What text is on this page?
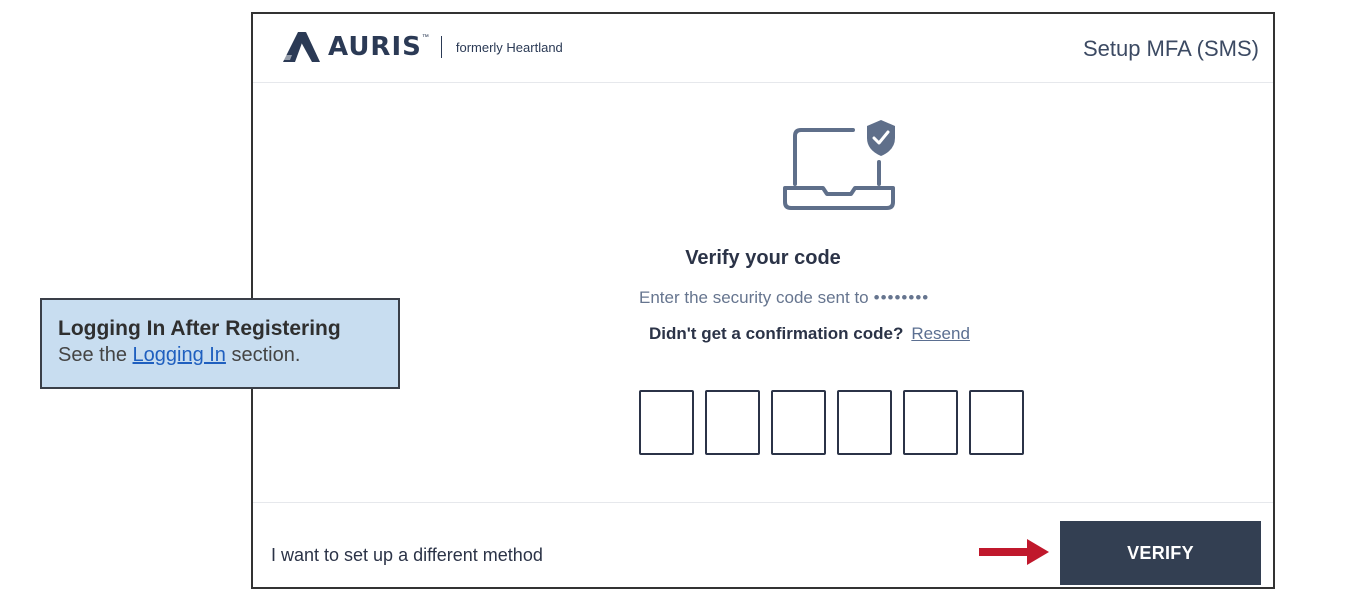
AURIS ™
formerly Heartland	Setup MFA (SMS)
Verify your code
Enter the security code sent to ••••••••
Didn't get a confirmation code? Resend
I want to set up a different method	VERIFY
Logging In After Registering
See the Logging In section.
